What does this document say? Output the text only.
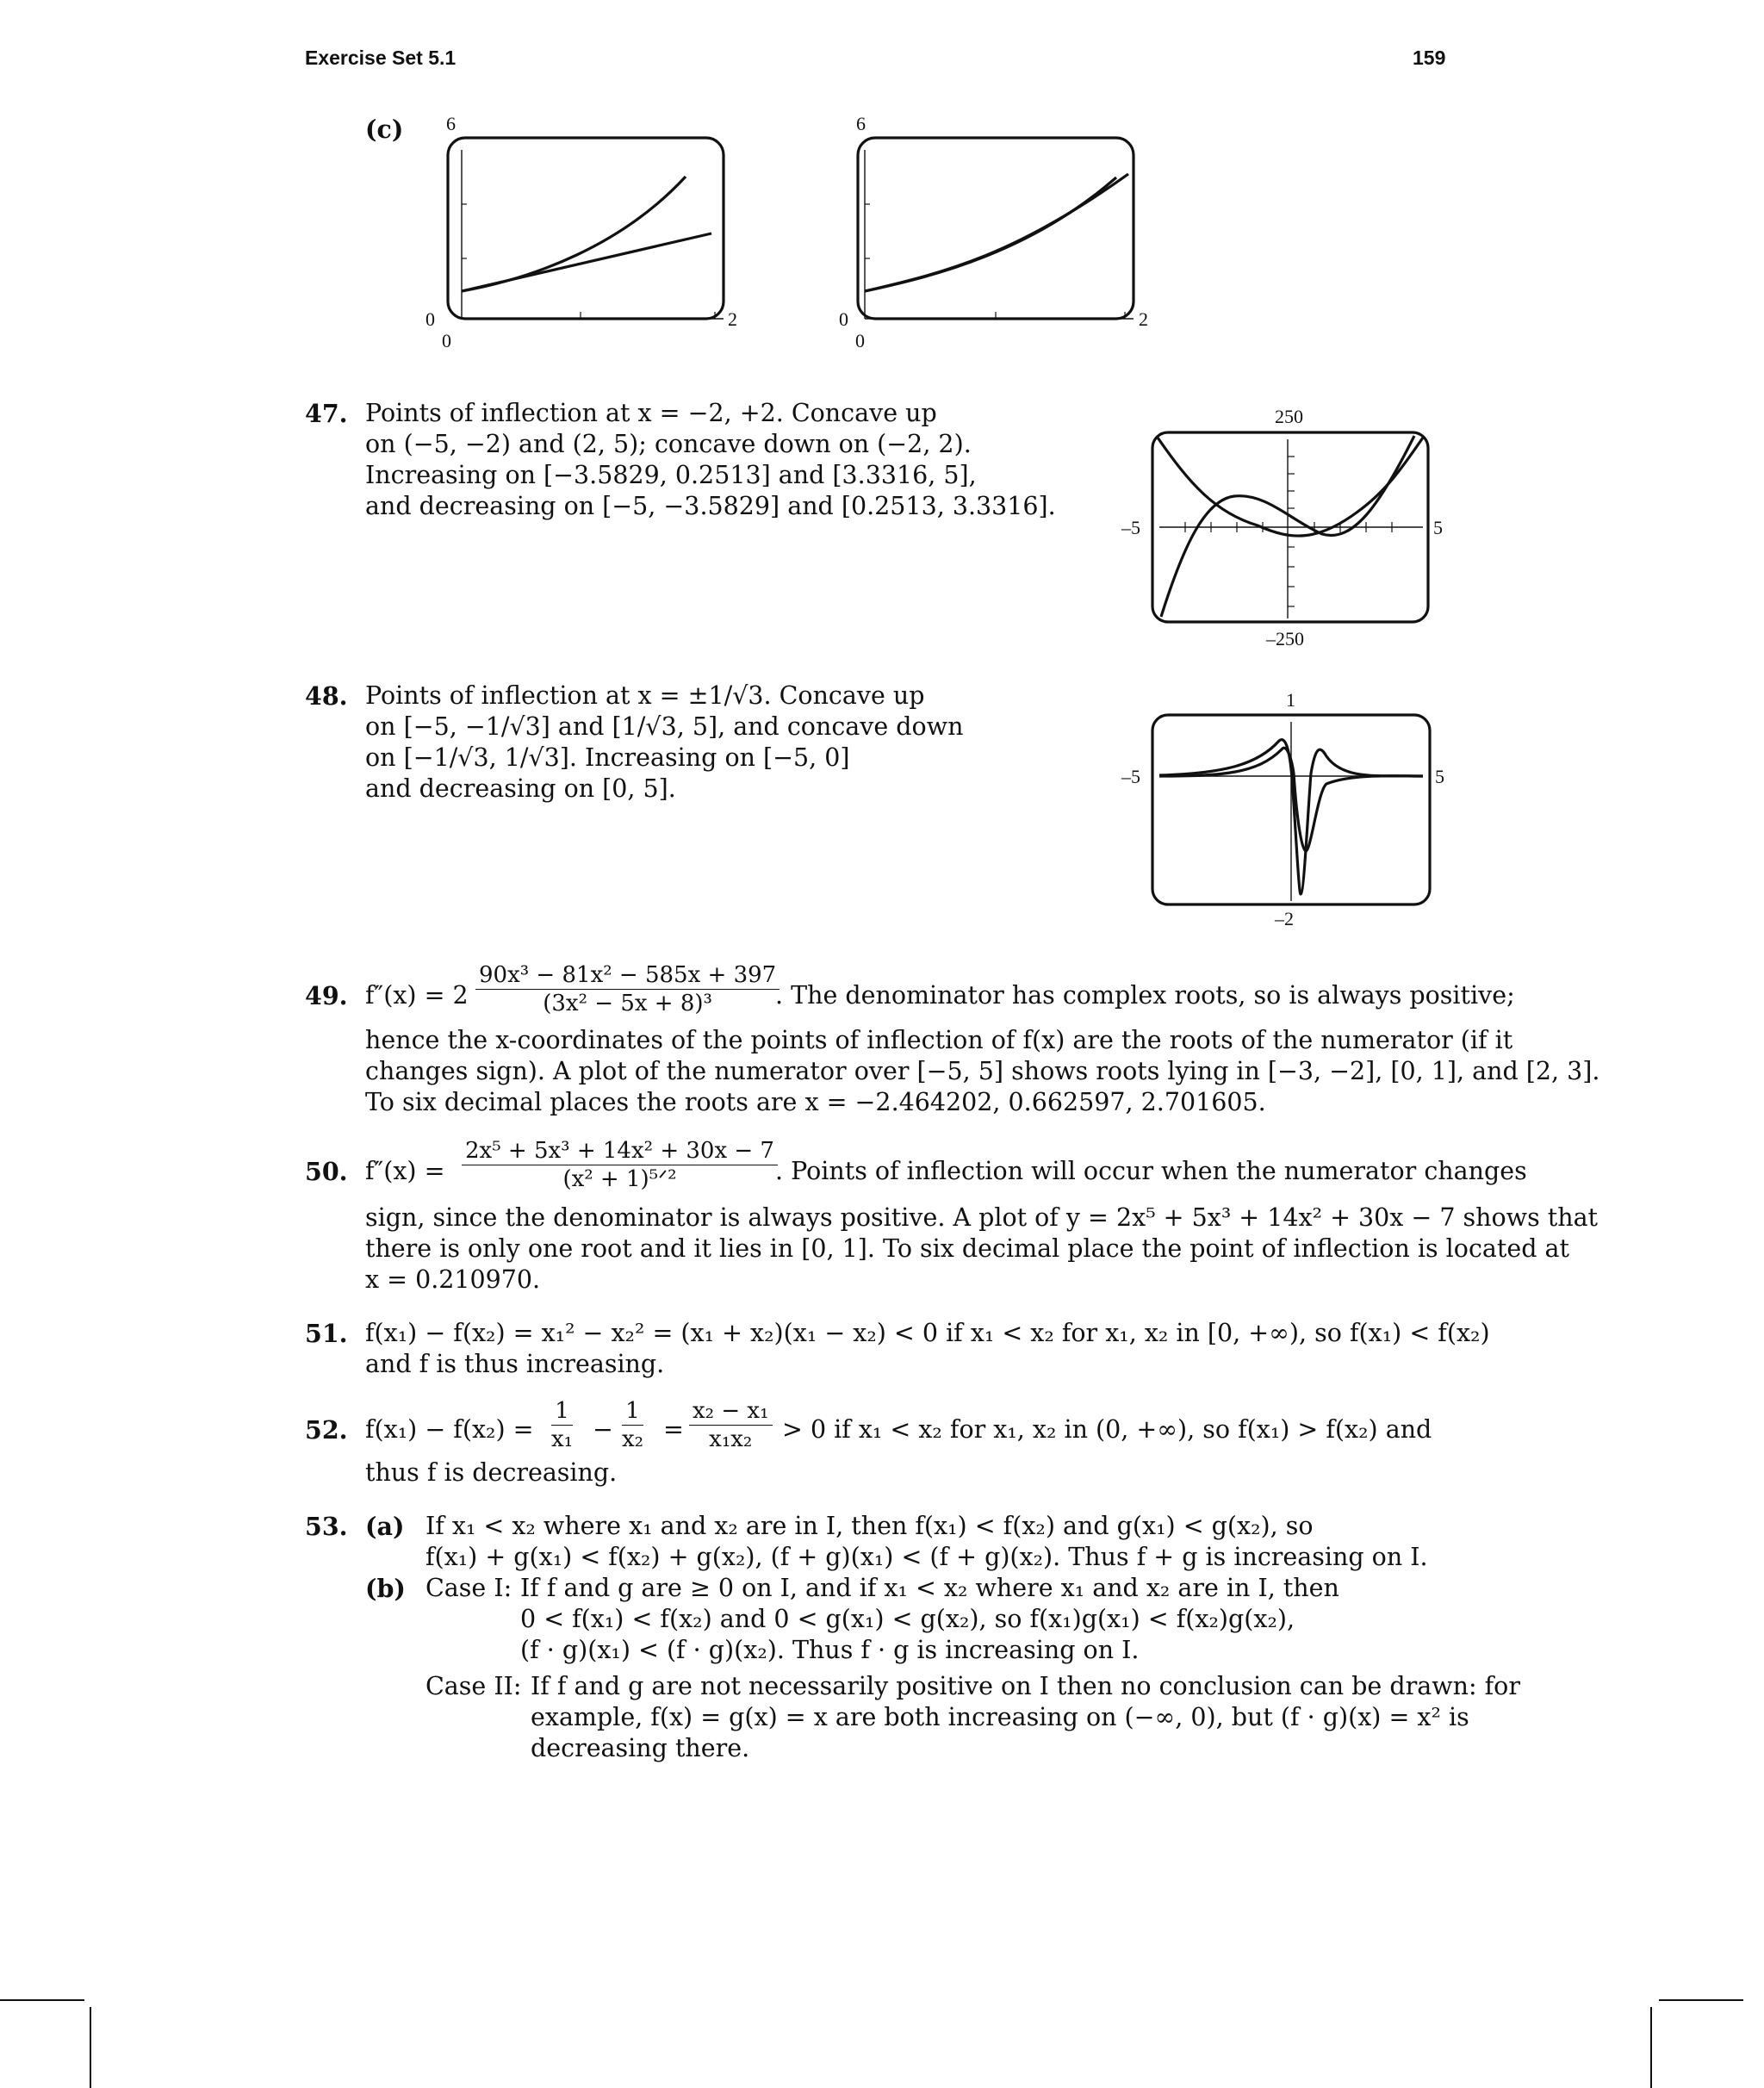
Exercise Set 5.1	159
(c) 6
0	2
0
6
0	2
0
47. Points of inflection at x = −2, +2. Concave up
on (−5, −2) and (2, 5); concave down on (−2, 2).
Increasing on [−3.5829, 0.2513] and [3.3316, 5],
and decreasing on [−5, −3.5829] and [0.2513, 3.3316].
250
–5	5
–250
48. Points of inflection at x = ±1/√3. Concave up
on [−5, −1/√3] and [1/√3, 5], and concave down
on [−1/√3, 1/√3]. Increasing on [−5, 0]
and decreasing on [0, 5].
1
–5	5
–2
49. $f''(x) = 2 \frac{\text{90x³ − 81x² − 585x + 397}}{\text{(3x² − 5x + 8)³}}$
. The denominator has complex roots, so is always positive;
hence the x-coordinates of the points of inflection of f(x) are the roots of the numerator (if it
changes sign). A plot of the numerator over [−5, 5] shows roots lying in [−3, −2], [0, 1], and [2, 3].
To six decimal places the roots are x = −2.464202, 0.662597, 2.701605.
50. f″(x) =
2x⁵ + 5x³ + 14x² + 30x − 7
(x² + 1)⁵ᐟ²	. Points of inflection will occur when the numerator changes
sign, since the denominator is always positive. A plot of y = 2x⁵ + 5x³ + 14x² + 30x − 7 shows that
there is only one root and it lies in [0, 1]. To six decimal place the point of inflection is located at
x = 0.210970.
51. f(x₁) − f(x₂) = x₁² − x₂² = (x₁ + x₂)(x₁ − x₂) < 0 if x₁ < x₂ for x₁, x₂ in [0, +∞), so f(x₁) < f(x₂)
and f is thus increasing.
52. $f(x_1) - f(x_2) = \frac{1}{\text{x₁}} - \frac{1}{\text{x₂}} = \frac{\text{x₂ − x₁}}{\text{x₁x₂}} > 0$ if x₁ < x₂ for x₁, x₂ in (0, +∞), so f(x₁) > f(x₂) and
thus f is decreasing.
53. (a) If x₁ < x₂ where x₁ and x₂ are in I, then f(x₁) < f(x₂) and g(x₁) < g(x₂), so
f(x₁) + g(x₁) < f(x₂) + g(x₂), (f + g)(x₁) < (f + g)(x₂). Thus f + g is increasing on I.
(b) Case I: If f and g are ≥ 0 on I, and if x₁ < x₂ where x₁ and x₂ are in I, then
0 < f(x₁) < f(x₂) and 0 < g(x₁) < g(x₂), so f(x₁)g(x₁) < f(x₂)g(x₂),
(f · g)(x₁) < (f · g)(x₂). Thus f · g is increasing on I.
Case II: If f and g are not necessarily positive on I then no conclusion can be drawn: for
example, f(x) = g(x) = x are both increasing on (−∞, 0), but (f · g)(x) = x² is
decreasing there.
